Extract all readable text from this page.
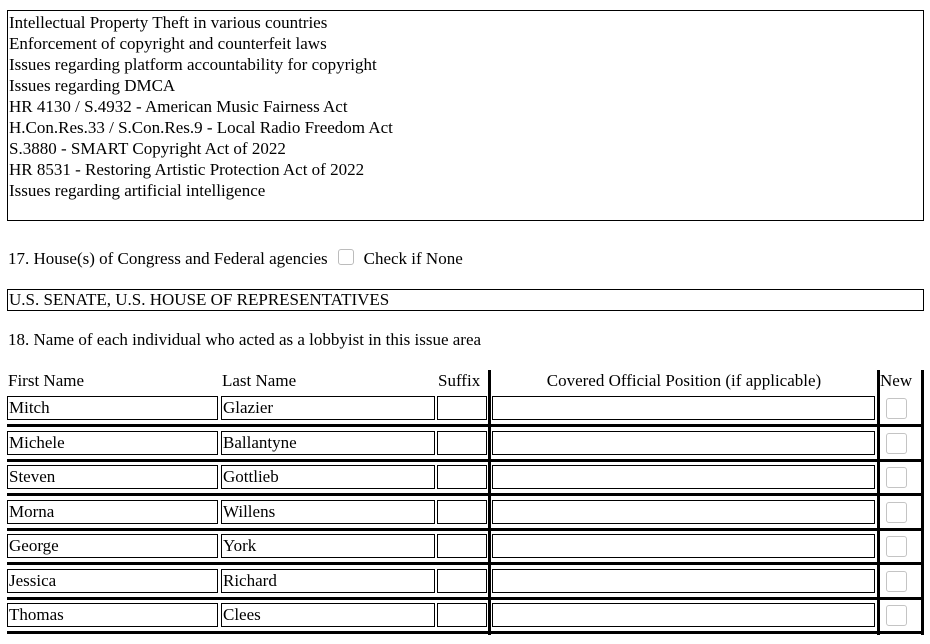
Intellectual Property Theft in various countries
Enforcement of copyright and counterfeit laws
Issues regarding platform accountability for copyright
Issues regarding DMCA
HR 4130 / S.4932 - American Music Fairness Act
H.Con.Res.33 / S.Con.Res.9 - Local Radio Freedom Act
S.3880 - SMART Copyright Act of 2022
HR 8531 - Restoring Artistic Protection Act of 2022
Issues regarding artificial intelligence
17. House(s) of Congress and Federal agencies Check if None
U.S. SENATE, U.S. HOUSE OF REPRESENTATIVES
18. Name of each individual who acted as a lobbyist in this issue area
First Name	Last Name	Suffix	Covered Official Position (if applicable)	New
Mitch	Glazier
Michele	Ballantyne
Steven	Gottlieb
Morna	Willens
George	York
Jessica	Richard
Thomas	Clees
